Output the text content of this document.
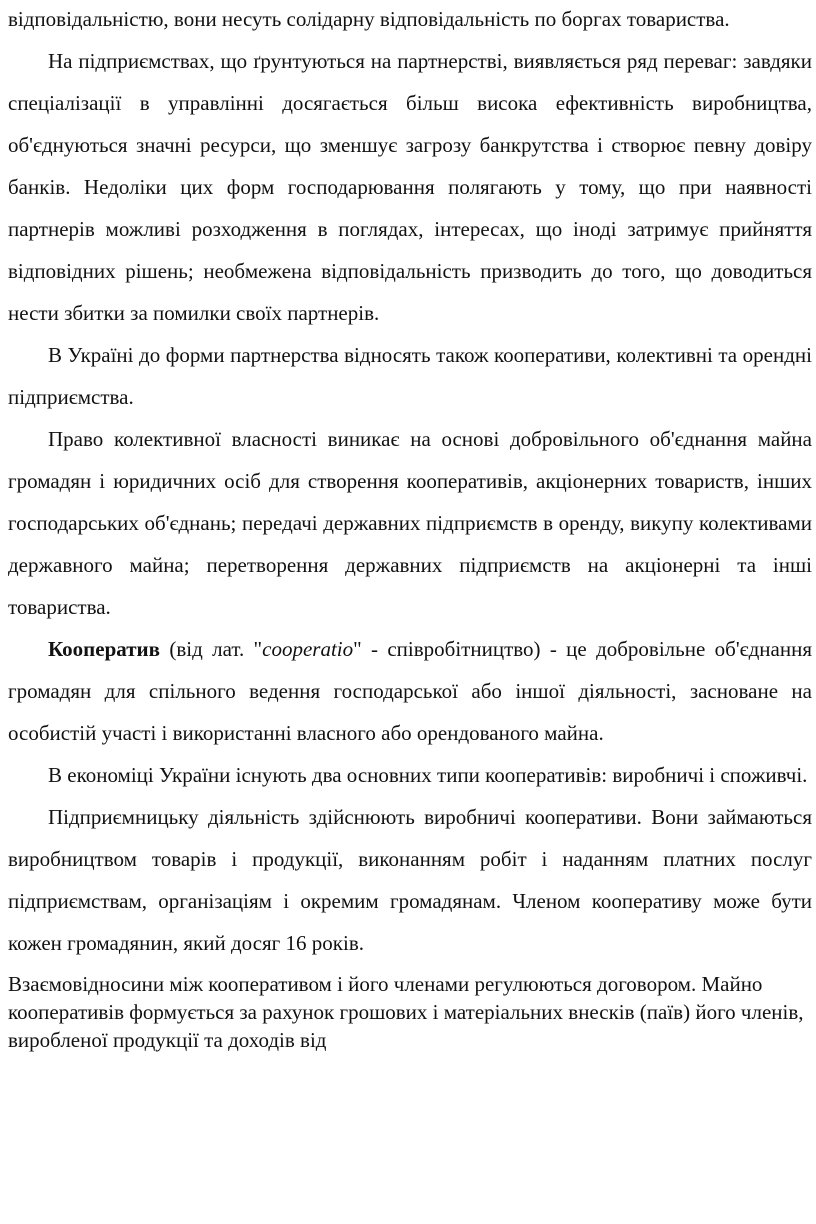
відповідальністю, вони несуть солідарну відповідальність по боргах товариства.

На підприємствах, що ґрунтуються на партнерстві, виявляється ряд переваг: завдяки спеціалізації в управлінні досягається більш висока ефективність виробництва, об'єднуються значні ресурси, що зменшує загрозу банкрутства і створює певну довіру банків. Недоліки цих форм господарювання полягають у тому, що при наявності партнерів можливі розходження в поглядах, інтересах, що іноді затримує прийняття відповідних рішень; необмежена відповідальність призводить до того, що доводиться нести збитки за помилки своїх партнерів.

В Україні до форми партнерства відносять також кооперативи, колективні та орендні підприємства.

Право колективної власності виникає на основі добровільного об'єднання майна громадян і юридичних осіб для створення кооперативів, акціонерних товариств, інших господарських об'єднань; передачі державних підприємств в оренду, викупу колективами державного майна; перетворення державних підприємств на акціонерні та інші товариства.

Кооператив (від лат. "cooperatio" - співробітництво) - це добровільне об'єднання громадян для спільного ведення господарської або іншої діяльності, засноване на особистій участі і використанні власного або орендованого майна.

В економіці України існують два основних типи кооперативів: виробничі і споживчі.

Підприємницьку діяльність здійснюють виробничі кооперативи. Вони займаються виробництвом товарів і продукції, виконанням робіт і наданням платних послуг підприємствам, організаціям і окремим громадянам. Членом кооперативу може бути кожен громадянин, який досяг 16 років.

Взаємовідносини між кооперативом і його членами регулюються договором. Майно кооперативів формується за рахунок грошових і матеріальних внесків (паїв) його членів, виробленої продукції та доходів від
